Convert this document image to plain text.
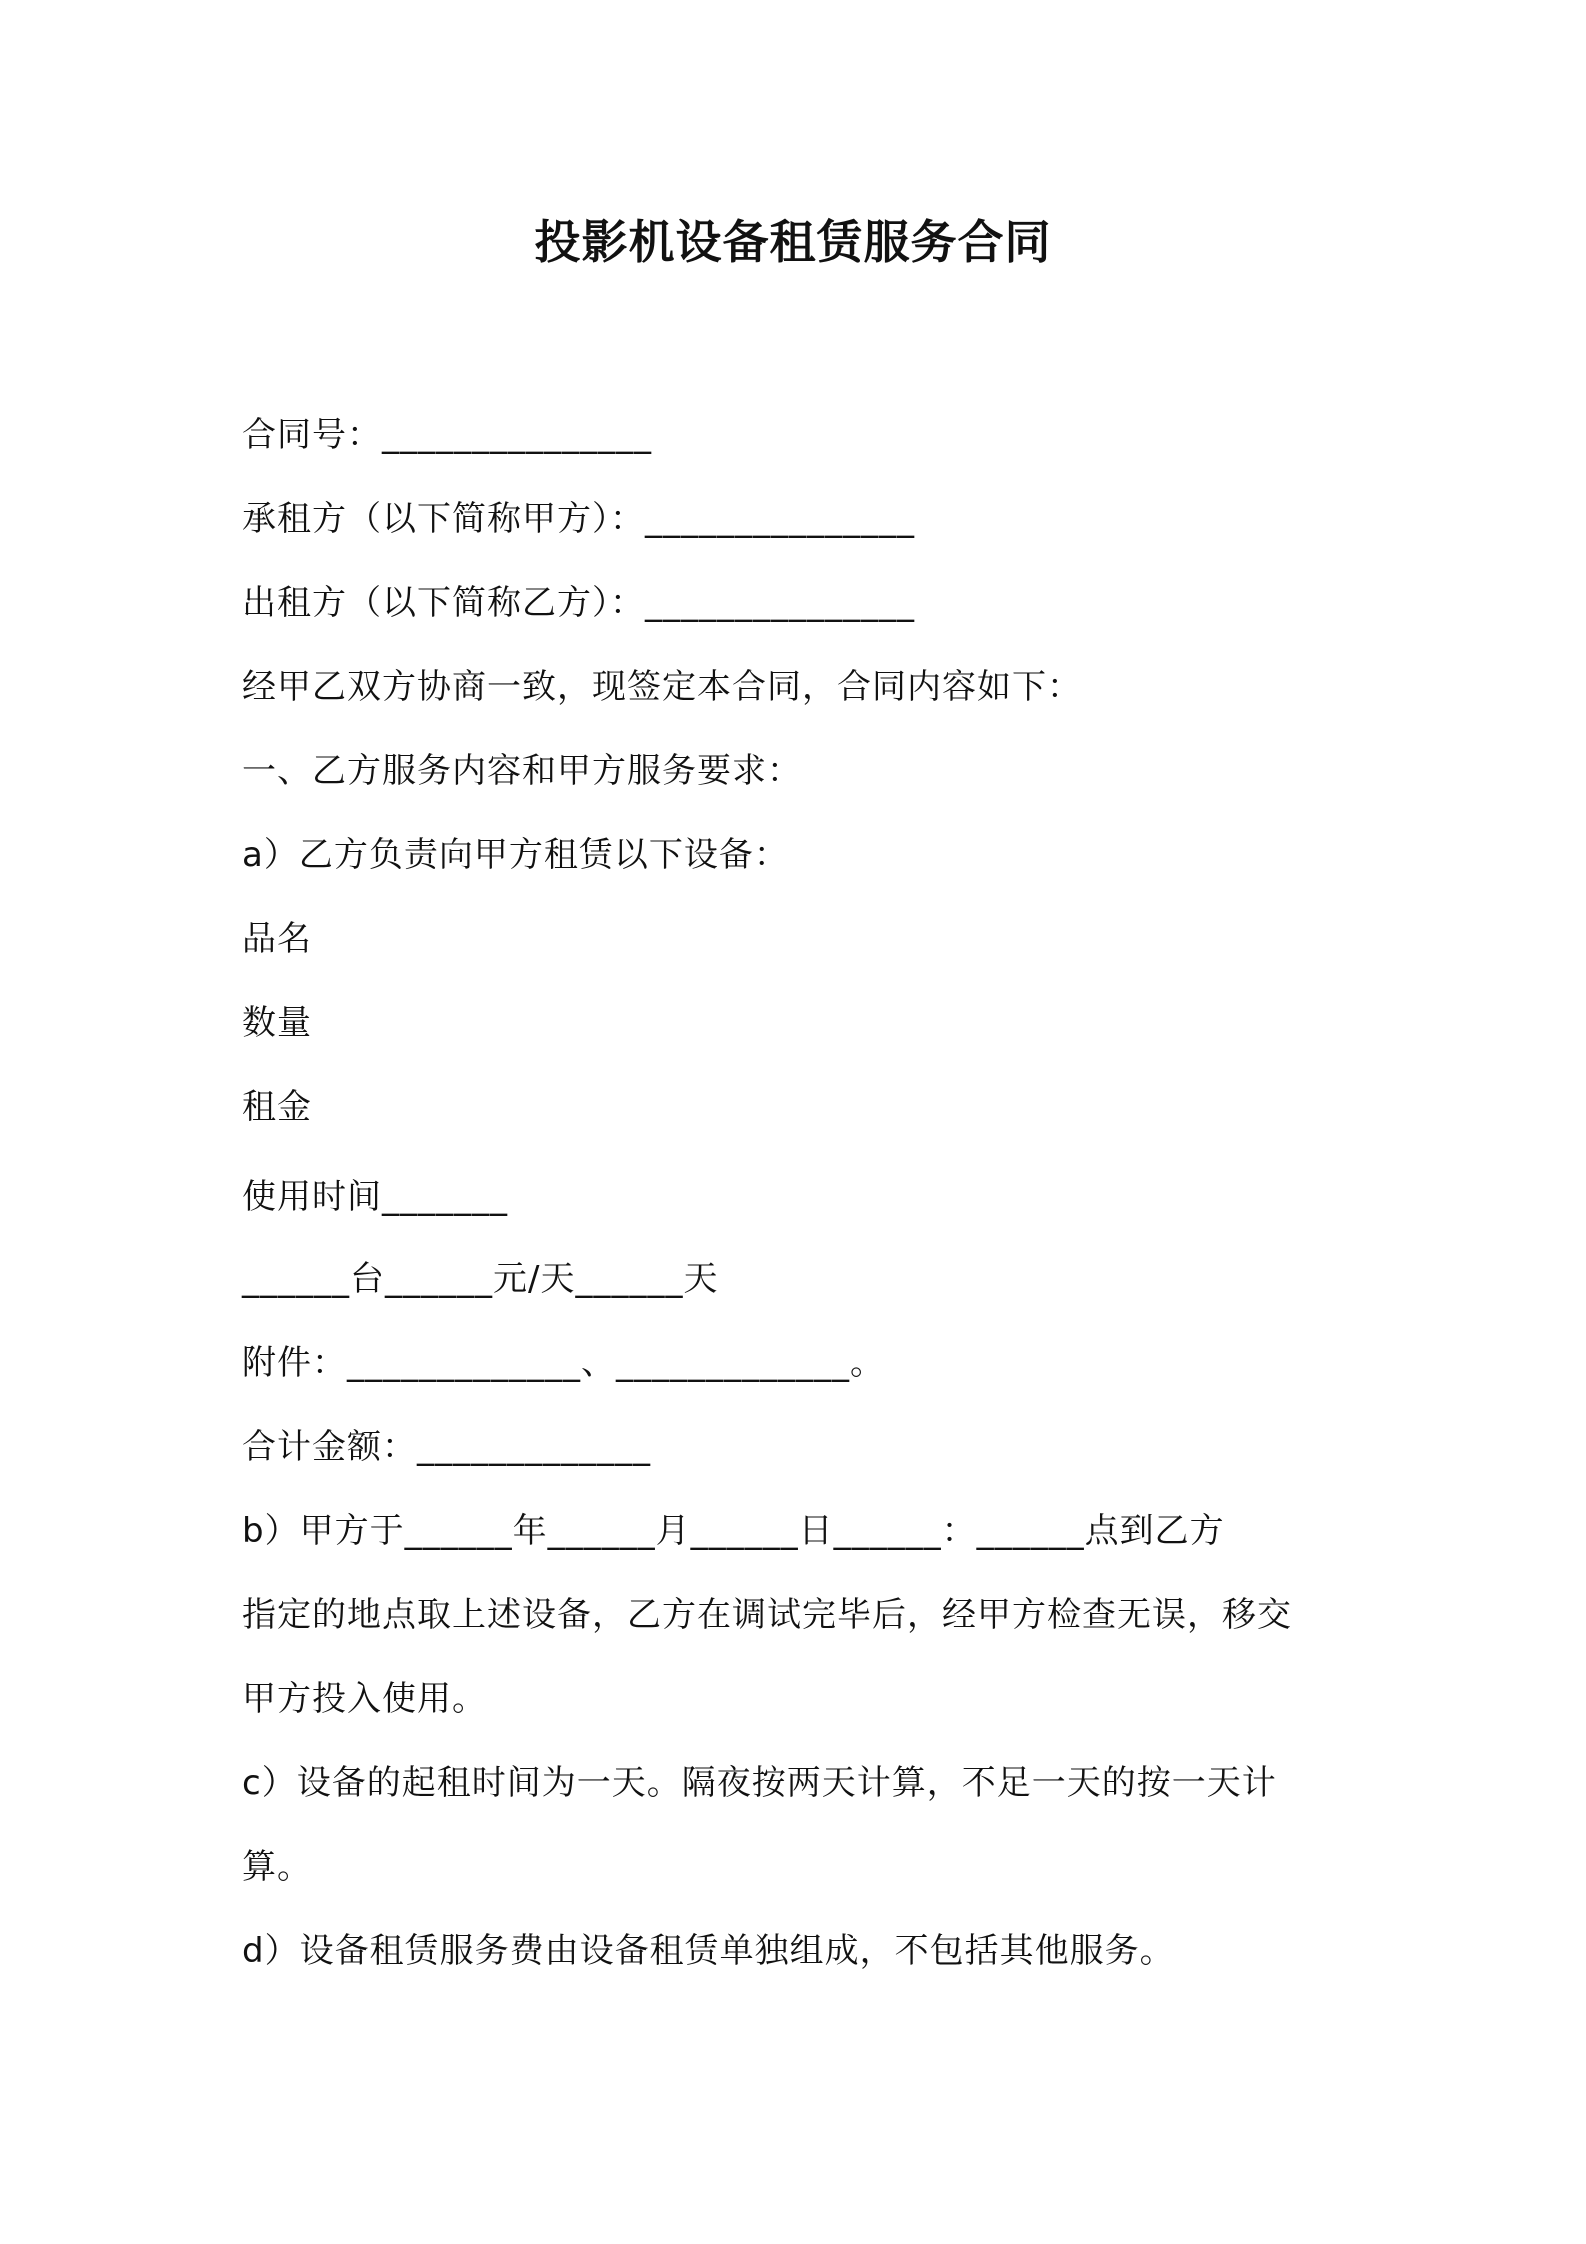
投影机设备租赁服务合同
合同号：_______________
承租方（以下简称甲方）：_______________
出租方（以下简称乙方）：_______________
经甲乙双方协商一致，现签定本合同，合同内容如下：
一、乙方服务内容和甲方服务要求：
a）乙方负责向甲方租赁以下设备：
品名
数量
租金
使用时间_______
______台______元/天______天
附件：_____________、_____________。
合计金额：_____________
b）甲方于______年______月______日______：______点到乙方
指定的地点取上述设备，乙方在调试完毕后，经甲方检查无误，移交
甲方投入使用。
c）设备的起租时间为一天。隔夜按两天计算，不足一天的按一天计
算。
d）设备租赁服务费由设备租赁单独组成，不包括其他服务。
